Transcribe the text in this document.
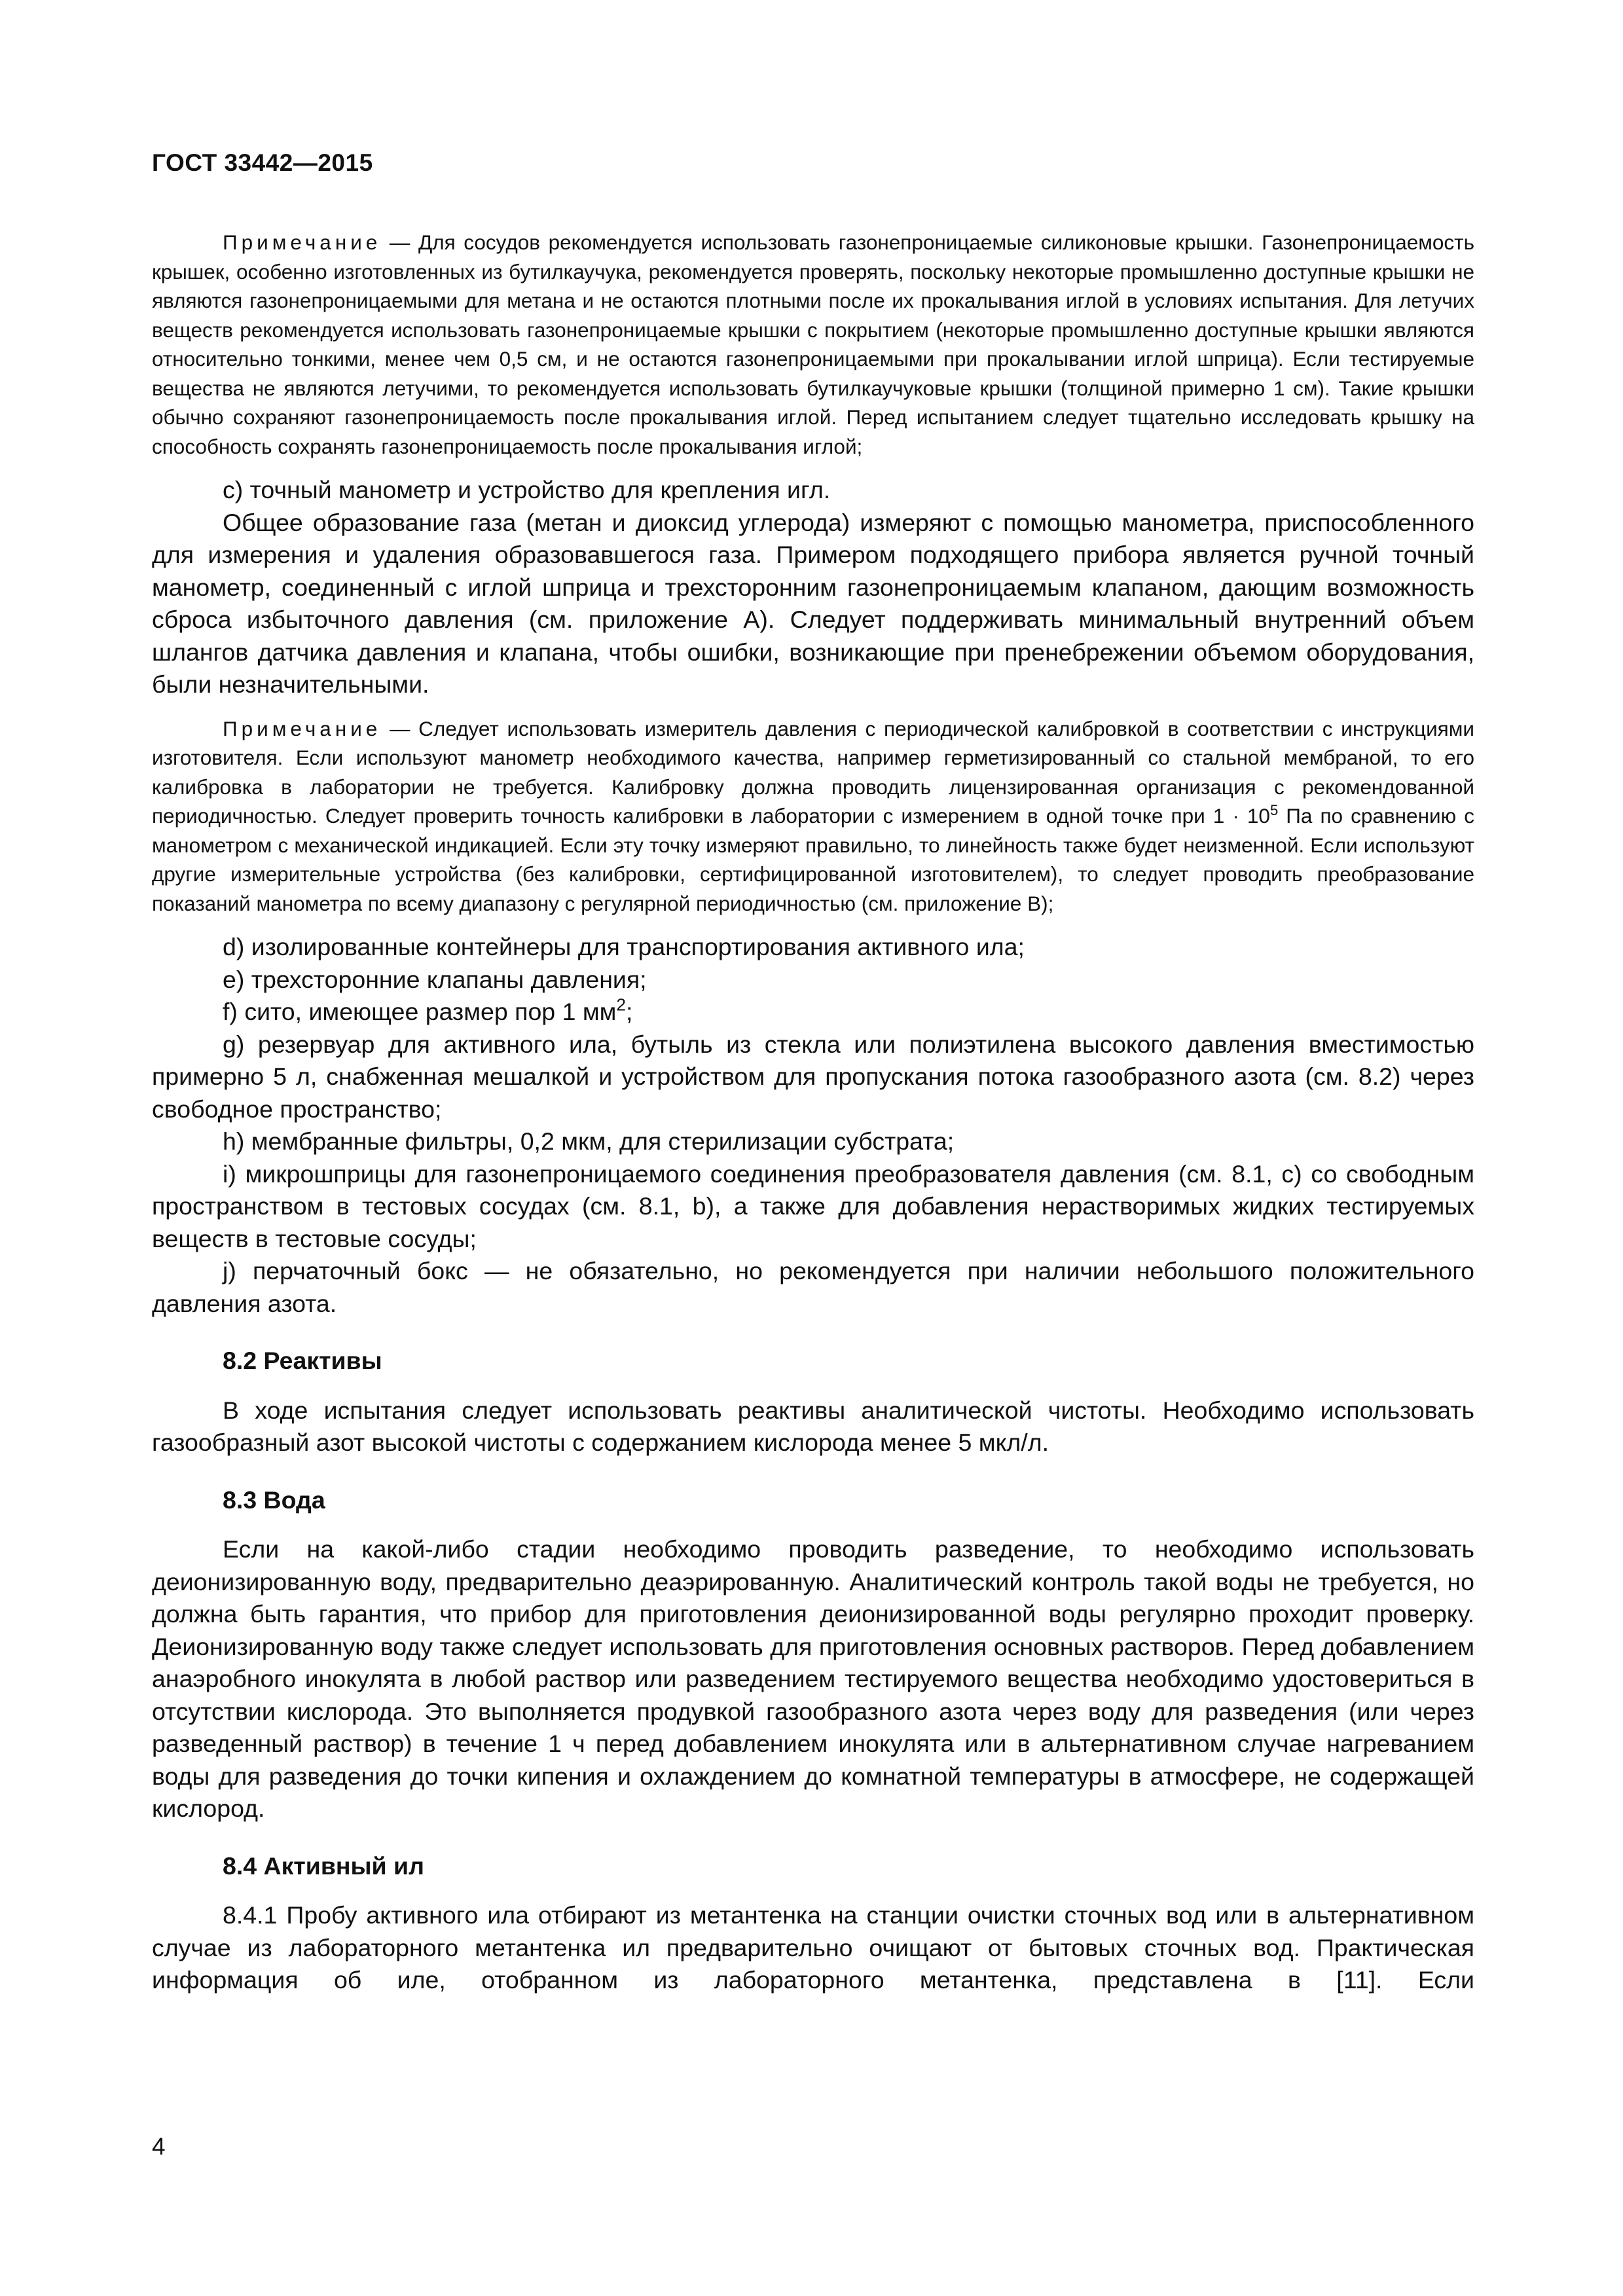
ГОСТ 33442—2015

Примечание — Для сосудов рекомендуется использовать газонепроницаемые силиконовые крышки. Газонепроницаемость крышек, особенно изготовленных из бутилкаучука, рекомендуется проверять, поскольку некоторые промышленно доступные крышки не являются газонепроницаемыми для метана и не остаются плотными после их прокалывания иглой в условиях испытания. Для летучих веществ рекомендуется использовать газонепроницаемые крышки с покрытием (некоторые промышленно доступные крышки являются относительно тонкими, менее чем 0,5 см, и не остаются газонепроницаемыми при прокалывании иглой шприца). Если тестируемые вещества не являются летучими, то рекомендуется использовать бутилкаучуковые крышки (толщиной примерно 1 см). Такие крышки обычно сохраняют газонепроницаемость после прокалывания иглой. Перед испытанием следует тщательно исследовать крышку на способность сохранять газонепроницаемость после прокалывания иглой;

c) точный манометр и устройство для крепления игл.

Общее образование газа (метан и диоксид углерода) измеряют с помощью манометра, приспособленного для измерения и удаления образовавшегося газа. Примером подходящего прибора является ручной точный манометр, соединенный с иглой шприца и трехсторонним газонепроницаемым клапаном, дающим возможность сброса избыточного давления (см. приложение А). Следует поддерживать минимальный внутренний объем шлангов датчика давления и клапана, чтобы ошибки, возникающие при пренебрежении объемом оборудования, были незначительными.

Примечание — Следует использовать измеритель давления с периодической калибровкой в соответствии с инструкциями изготовителя. Если используют манометр необходимого качества, например герметизированный со стальной мембраной, то его калибровка в лаборатории не требуется. Калибровку должна проводить лицензированная организация с рекомендованной периодичностью. Следует проверить точность калибровки в лаборатории с измерением в одной точке при $1 \cdot 10^5$ Па по сравнению с манометром с механической индикацией. Если эту точку измеряют правильно, то линейность также будет неизменной. Если используют другие измерительные устройства (без калибровки, сертифицированной изготовителем), то следует проводить преобразование показаний манометра по всему диапазону с регулярной периодичностью (см. приложение В);

d) изолированные контейнеры для транспортирования активного ила;

e) трехсторонние клапаны давления;

f) сито, имеющее размер пор 1 $мм^2$;

g) резервуар для активного ила, бутыль из стекла или полиэтилена высокого давления вместимостью примерно 5 л, снабженная мешалкой и устройством для пропускания потока газообразного азота (см. 8.2) через свободное пространство;

h) мембранные фильтры, 0,2 мкм, для стерилизации субстрата;

i) микрошприцы для газонепроницаемого соединения преобразователя давления (см. 8.1, c) со свободным пространством в тестовых сосудах (см. 8.1, b), а также для добавления нерастворимых жидких тестируемых веществ в тестовые сосуды;

j) перчаточный бокс — не обязательно, но рекомендуется при наличии небольшого положительного давления азота.

8.2 Реактивы

В ходе испытания следует использовать реактивы аналитической чистоты. Необходимо использовать газообразный азот высокой чистоты с содержанием кислорода менее 5 мкл/л.

8.3 Вода

Если на какой-либо стадии необходимо проводить разведение, то необходимо использовать деионизированную воду, предварительно деаэрированную. Аналитический контроль такой воды не требуется, но должна быть гарантия, что прибор для приготовления деионизированной воды регулярно проходит проверку. Деионизированную воду также следует использовать для приготовления основных растворов. Перед добавлением анаэробного инокулята в любой раствор или разведением тестируемого вещества необходимо удостовериться в отсутствии кислорода. Это выполняется продувкой газообразного азота через воду для разведения (или через разведенный раствор) в течение 1 ч перед добавлением инокулята или в альтернативном случае нагреванием воды для разведения до точки кипения и охлаждением до комнатной температуры в атмосфере, не содержащей кислород.

8.4 Активный ил

8.4.1 Пробу активного ила отбирают из метантенка на станции очистки сточных вод или в альтернативном случае из лабораторного метантенка ил предварительно очищают от бытовых сточных вод. Практическая информация об иле, отобранном из лабораторного метантенка, представлена в [11]. Если

4
